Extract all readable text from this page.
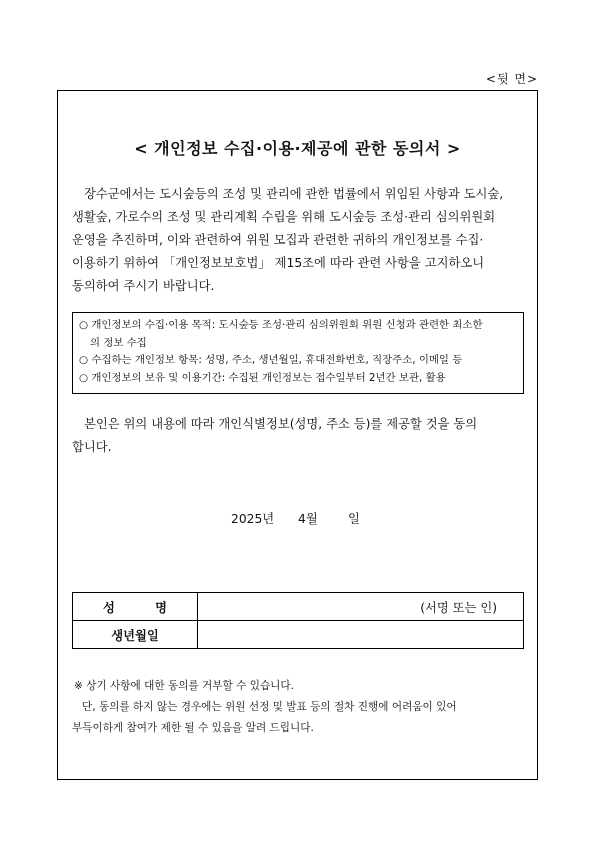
<뒷 면>
< 개인정보 수집·이용·제공에 관한 동의서 >
장수군에서는 도시숲등의 조성 및 관리에 관한 법률에서 위임된 사항과 도시숲,
생활숲, 가로수의 조성 및 관리계획 수립을 위해 도시숲등 조성·관리 심의위원회
운영을 추진하며, 이와 관련하여 위원 모집과 관련한 귀하의 개인정보를 수집·
이용하기 위하여 「개인정보보호법」 제15조에 따라 관련 사항을 고지하오니
동의하여 주시기 바랍니다.
○ 개인정보의 수집·이용 목적: 도시숲등 조성·관리 심의위원회 위원 신청과 관련한 최소한
의 정보 수집
○ 수집하는 개인정보 항목: 성명, 주소, 생년월일, 휴대전화번호, 직장주소, 이메일 등
○ 개인정보의 보유 및 이용기간: 수집된 개인정보는 접수일부터 2년간 보관, 활용
본인은 위의 내용에 따라 개인식별정보(성명, 주소 등)를 제공할 것을 동의
합니다.
2025년 4월 일
성 명	(서명 또는 인)
생년월일	
※ 상기 사항에 대한 동의를 거부할 수 있습니다.
단, 동의를 하지 않는 경우에는 위원 선정 및 발표 등의 절차 진행에 어려움이 있어
부득이하게 참여가 제한 될 수 있음을 알려 드립니다.
